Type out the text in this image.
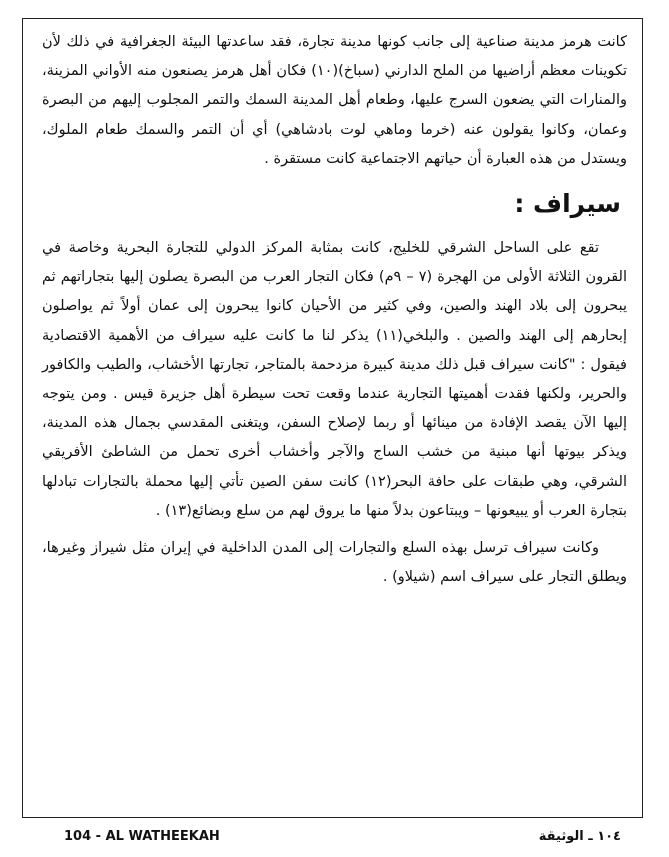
كانت هرمز مدينة صناعية إلى جانب كونها مدينة تجارة، فقد ساعدتها البيئة الجغرافية في ذلك لأن تكوينات معظم أراضيها من الملح الدارني (سباخ)(١٠) فكان أهل هرمز يصنعون منه الأواني المزينة، والمنارات التي يضعون السرج عليها، وطعام أهل المدينة السمك والتمر المجلوب إليهم من البصرة وعمان، وكانوا يقولون عنه (خرما وماهي لوت بادشاهي) أي أن التمر والسمك طعام الملوك، ويستدل من هذه العبارة أن حياتهم الاجتماعية كانت مستقرة .

سيراف :

تقع على الساحل الشرقي للخليج، كانت بمثابة المركز الدولي للتجارة البحرية وخاصة في القرون الثلاثة الأولى من الهجرة (٧ – ٩م) فكان التجار العرب من البصرة يصلون إليها بتجاراتهم ثم يبحرون إلى بلاد الهند والصين، وفي كثير من الأحيان كانوا يبحرون إلى عمان أولاً ثم يواصلون إبحارهم إلى الهند والصين . والبلخي(١١) يذكر لنا ما كانت عليه سيراف من الأهمية الاقتصادية فيقول : "كانت سيراف قبل ذلك مدينة كبيرة مزدحمة بالمتاجر، تجارتها الأخشاب، والطيب والكافور والحرير، ولكنها فقدت أهميتها التجارية عندما وقعت تحت سيطرة أهل جزيرة قيس . ومن يتوجه إليها الآن يقصد الإفادة من مينائها أو ربما لإصلاح السفن، ويتغنى المقدسي بجمال هذه المدينة، ويذكر بيوتها أنها مبنية من خشب الساج والآجر وأخشاب أخرى تحمل من الشاطئ الأفريقي الشرقي، وهي طبقات على حافة البحر(١٢) كانت سفن الصين تأتي إليها محملة بالتجارات تبادلها بتجارة العرب أو يبيعونها – ويبتاعون بدلاً منها ما يروق لهم من سلع وبضائع(١٣) .

وكانت سيراف ترسل بهذه السلع والتجارات إلى المدن الداخلية في إيران مثل شيراز وغيرها، ويطلق التجار على سيراف اسم (شيلاو) .

104 - AL WATHEEKAH	١٠٤ ـ الوثيقة
